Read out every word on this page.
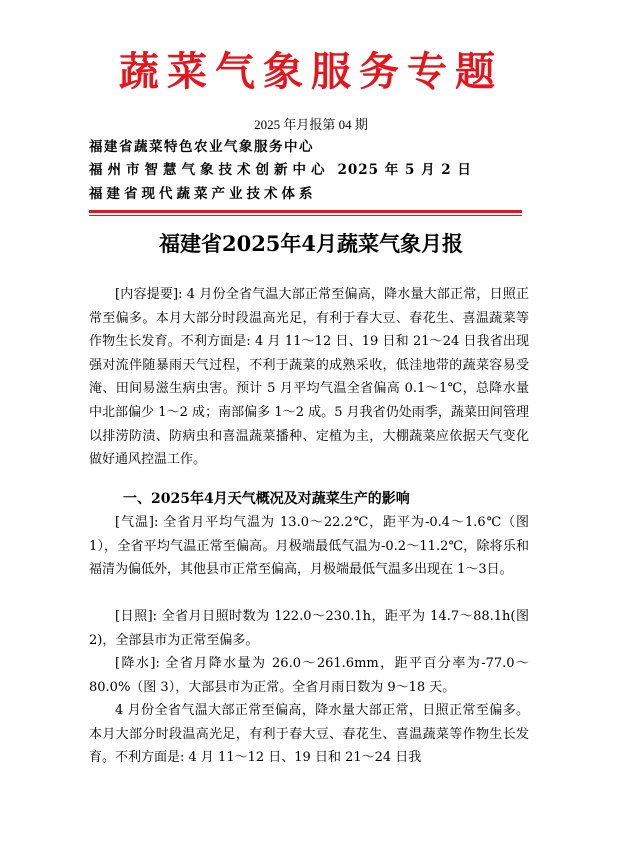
蔬菜气象服务专题
2025 年月报第 04 期
福建省蔬菜特色农业气象服务中心
福州市智慧气象技术创新中心 2025 年 5 月 2 日
福建省现代蔬菜产业技术体系
福建省2025年4月蔬菜气象月报

[内容提要]: 4 月份全省气温大部正常至偏高，降水量大部正常，日照正常至偏多。本月大部分时段温高光足，有利于春大豆、春花生、喜温蔬菜等作物生长发育。不利方面是: 4 月 11～12 日、19 日和 21～24 日我省出现强对流伴随暴雨天气过程，不利于蔬菜的成熟采收，低洼地带的蔬菜容易受淹、田间易滋生病虫害。预计 5 月平均气温全省偏高 0.1～1℃，总降水量中北部偏少 1～2 成；南部偏多 1～2 成。5 月我省仍处雨季，蔬菜田间管理以排涝防渍、防病虫和喜温蔬菜播种、定植为主，大棚蔬菜应依据天气变化做好通风控温工作。

一、2025年4月天气概况及对蔬菜生产的影响

[气温]: 全省月平均气温为 13.0～22.2℃，距平为-0.4～1.6℃（图 1），全省平均气温正常至偏高。月极端最低气温为-0.2～11.2℃，除将乐和福清为偏低外，其他县市正常至偏高，月极端最低气温多出现在 1～3日。

[日照]: 全省月日照时数为 122.0～230.1h，距平为 14.7～88.1h(图 2)，全部县市为正常至偏多。

[降水]: 全省月降水量为 26.0～261.6mm，距平百分率为-77.0～80.0%（图 3），大部县市为正常。全省月雨日数为 9～18 天。

4 月份全省气温大部正常至偏高，降水量大部正常，日照正常至偏多。本月大部分时段温高光足，有利于春大豆、春花生、喜温蔬菜等作物生长发育。不利方面是: 4 月 11～12 日、19 日和 21～24 日我
